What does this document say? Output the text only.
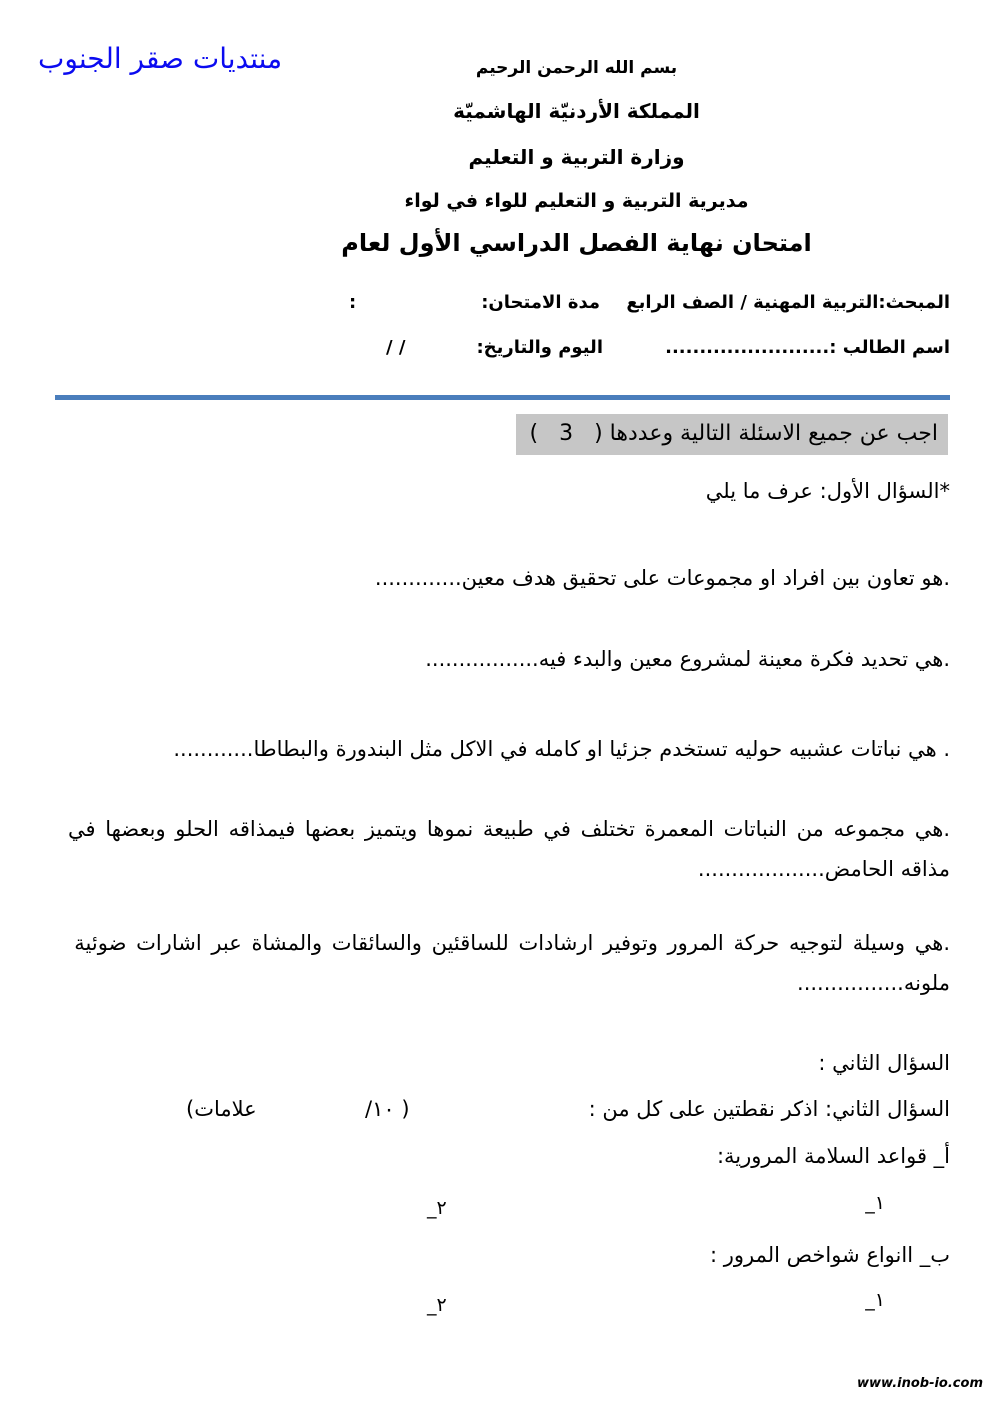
منتديات صقر الجنوب	بسم الله الرحمن الرحيم
المملكة الأردنيّة الهاشميّة
وزارة التربية و التعليم
مديرية التربية و التعليم للواء في لواء
امتحان نهاية الفصل الدراسي الأول لعام
المبحث:التربية المهنية / الصف الرابع
مدة الامتحان:
:
اسم الطالب :........................
اليوم والتاريخ:
/ /
اجب عن جميع الاسئلة التالية وعددها (   3   )
*السؤال الأول: عرف ما يلي
.هو تعاون بين افراد او مجموعات على تحقيق هدف معين.............
.هي تحديد فكرة معينة لمشروع معين والبدء فيه.................
. هي نباتات عشبيه حوليه تستخدم جزئيا او كامله في الاكل مثل البندورة والبطاطا............
.هي مجموعه من النباتات المعمرة تختلف في طبيعة نموها ويتميز بعضها فيمذاقه الحلو وبعضها في
مذاقه الحامض...................
.هي وسيلة لتوجيه حركة المرور وتوفير ارشادات للساقئين والسائقات والمشاة عبر اشارات ضوئية
ملونه................
السؤال الثاني :
السؤال الثاني: اذكر نقطتين على كل من :
( ١٠/
علامات)
أ_ قواعد السلامة المرورية:
١_
٢_
ب_ اانواع شواخص المرور :
١_
٢_
www.inob-io.com
